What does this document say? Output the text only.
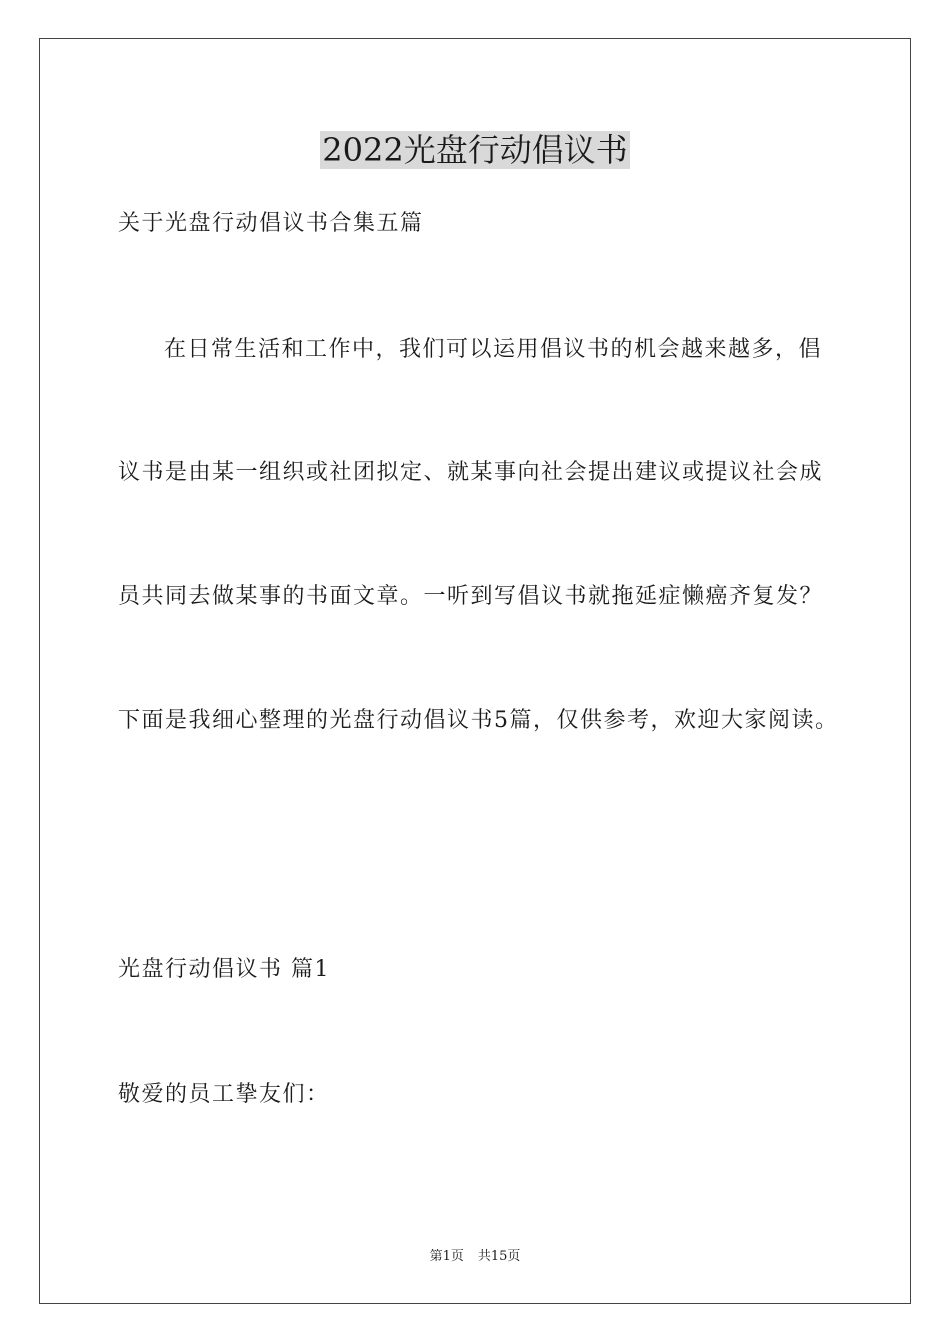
2022光盘行动倡议书
关于光盘行动倡议书合集五篇
在日常生活和工作中，我们可以运用倡议书的机会越来越多，倡
议书是由某一组织或社团拟定、就某事向社会提出建议或提议社会成
员共同去做某事的书面文章。一听到写倡议书就拖延症懒癌齐复发？
下面是我细心整理的光盘行动倡议书5篇，仅供参考，欢迎大家阅读。
光盘行动倡议书 篇1
敬爱的员工挚友们：
第1页 共15页
